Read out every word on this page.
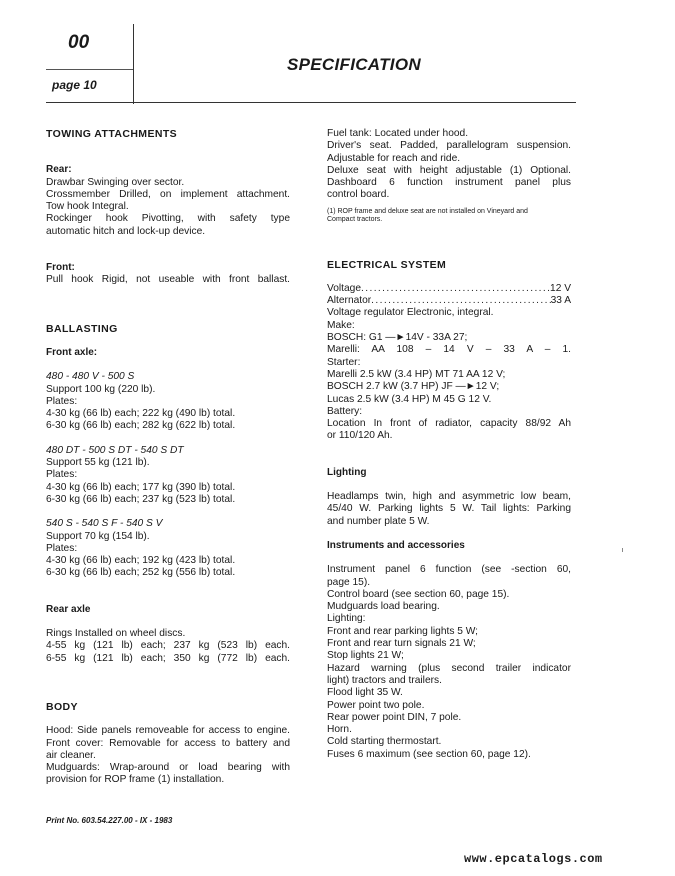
00
page 10
SPECIFICATION
TOWING ATTACHMENTS
Rear:
Drawbar Swinging over sector.
Crossmember Drilled, on implement attachment.
Tow hook Integral.
Rockinger hook Pivotting, with safety type
automatic hitch and lock-up device.
Front:
Pull hook Rigid, not useable with front ballast.
BALLASTING
Front axle:
480 - 480 V - 500 S
Support 100 kg (220 lb).
Plates:
4-30 kg (66 lb) each; 222 kg (490 lb) total.
6-30 kg (66 lb) each; 282 kg (622 lb) total.
480 DT - 500 S DT - 540 S DT
Support 55 kg (121 lb).
Plates:
4-30 kg (66 lb) each; 177 kg (390 lb) total.
6-30 kg (66 lb) each; 237 kg (523 lb) total.
540 S - 540 S F - 540 S V
Support 70 kg (154 lb).
Plates:
4-30 kg (66 lb) each; 192 kg (423 lb) total.
6-30 kg (66 lb) each; 252 kg (556 lb) total.
Rear axle
Rings Installed on wheel discs.
4-55 kg (121 lb) each; 237 kg (523 lb) each.
6-55 kg (121 lb) each; 350 kg (772 lb) each.
BODY
Hood: Side panels removeable for access to engine.
Front cover: Removable for access to battery and
air cleaner.
Mudguards: Wrap-around or load bearing with
provision for ROP frame (1) installation.
Fuel tank: Located under hood.
Driver's seat. Padded, parallelogram suspension.
Adjustable for reach and ride.
Deluxe seat with height adjustable (1) Optional.
Dashboard 6 function instrument panel plus
control board.
(1) ROP frame and deluxe seat are not installed on Vineyard and
Compact tractors.
ELECTRICAL SYSTEM
Voltage .....	12 V
Alternator .....	33 A
Voltage regulator Electronic, integral.
Make:
BOSCH: G1 —►14V - 33A 27;
Marelli: AA 108 – 14 V – 33 A – 1.
Starter:
Marelli 2.5 kW (3.4 HP) MT 71 AA 12 V;
BOSCH 2.7 kW (3.7 HP) JF —►12 V;
Lucas 2.5 kW (3.4 HP) M 45 G 12 V.
Battery:
Location In front of radiator, capacity 88/92 Ah
or 110/120 Ah.
Lighting
Headlamps twin, high and asymmetric low beam,
45/40 W. Parking lights 5 W. Tail lights: Parking
and number plate 5 W.
Instruments and accessories
Instrument panel 6 function (see -section 60,
page 15).
Control board (see section 60, page 15).
Mudguards load bearing.
Lighting:
Front and rear parking lights 5 W;
Front and rear turn signals 21 W;
Stop lights 21 W;
Hazard warning (plus second trailer indicator
light) tractors and trailers.
Flood light 35 W.
Power point two pole.
Rear power point DIN, 7 pole.
Horn.
Cold starting thermostart.
Fuses 6 maximum (see section 60, page 12).
Print No. 603.54.227.00 - IX - 1983
www.epcatalogs.com
